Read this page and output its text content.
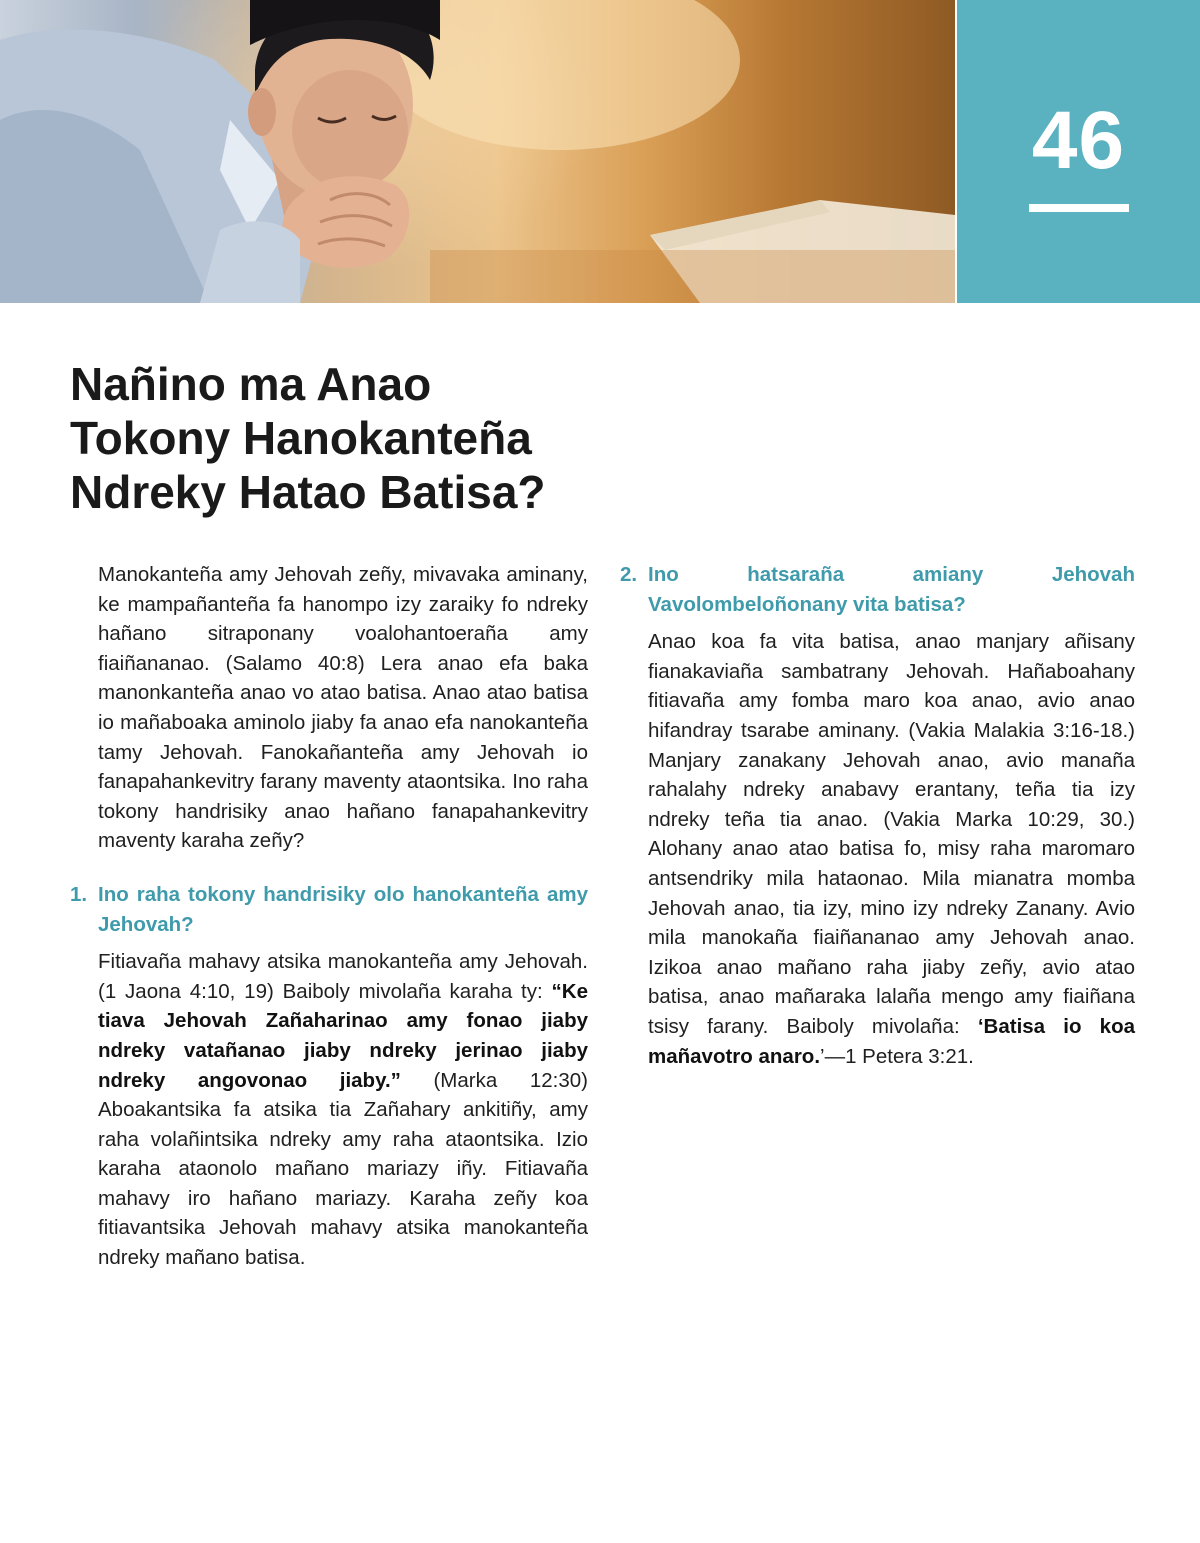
46
Nañino ma Anao
Tokony Hanokanteña
Ndreky Hatao Batisa?

Manokanteña amy Jehovah zeñy, mivavaka aminany, ke mampañanteña fa hanompo izy zaraiky fo ndreky hañano sitraponany voalohantoeraña amy fiaiñananao. (Salamo 40:8) Lera anao efa baka manonkanteña anao vo atao batisa. Anao atao batisa io mañaboaka aminolo jiaby fa anao efa nanokanteña tamy Jehovah. Fanokañanteña amy Jehovah io fanapahankevitry farany maventy ataontsika. Ino raha tokony handrisiky anao hañano fanapahankevitry maventy karaha zeñy?

1. Ino raha tokony handrisiky olo hanokanteña amy Jehovah?

Fitiavaña mahavy atsika manokanteña amy Jehovah. (1 Jaona 4:10, 19) Baiboly mivolaña karaha ty: “Ke tiava Jehovah Zañaharinao amy fonao jiaby ndreky vatañanao jiaby ndreky jerinao jiaby ndreky angovonao jiaby.” (Marka 12:30) Aboakantsika fa atsika tia Zañahary ankitiñy, amy raha volañintsika ndreky amy raha ataontsika. Izio karaha ataonolo mañano mariazy iñy. Fitiavaña mahavy iro hañano mariazy. Karaha zeñy koa fitiavantsika Jehovah mahavy atsika manokanteña ndreky mañano batisa.

2. Ino hatsaraña amiany Jehovah Vavolombeloñonany vita batisa?

Anao koa fa vita batisa, anao manjary añisany fianakaviaña sambatrany Jehovah. Hañaboahany fitiavaña amy fomba maro koa anao, avio anao hifandray tsarabe aminany. (Vakia Malakia 3:16-18.) Manjary zanakany Jehovah anao, avio manaña rahalahy ndreky anabavy erantany, teña tia izy ndreky teña tia anao. (Vakia Marka 10:29, 30.) Alohany anao atao batisa fo, misy raha maromaro antsendriky mila hataonao. Mila mianatra momba Jehovah anao, tia izy, mino izy ndreky Zanany. Avio mila manokaña fiaiñananao amy Jehovah anao. Izikoa anao mañano raha jiaby zeñy, avio atao batisa, anao mañaraka lalaña mengo amy fiaiñana tsisy farany. Baiboly mivolaña: ‘Batisa io koa mañavotro anaro.’—1 Petera 3:21.
